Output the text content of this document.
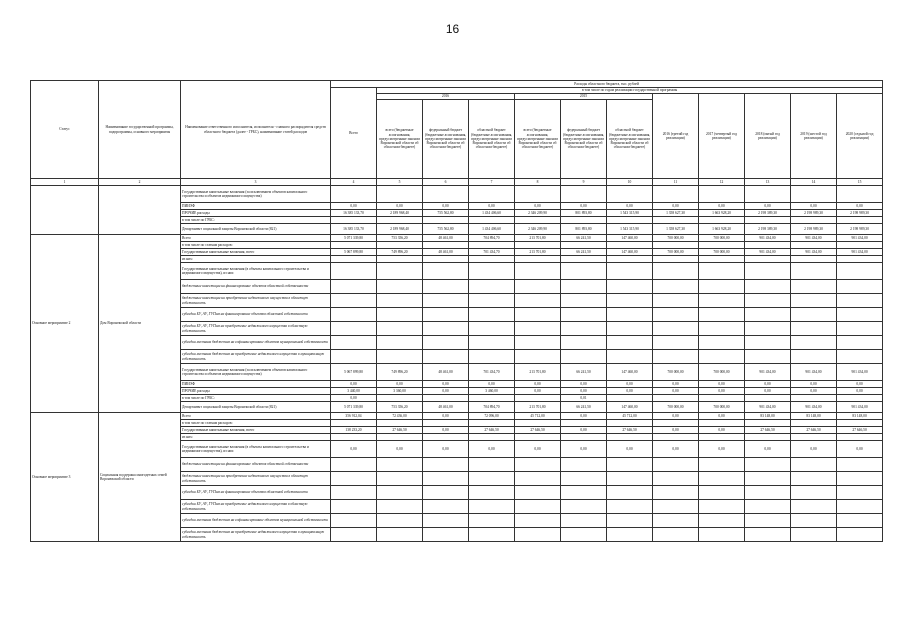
16
Статус	Наименование государственной программы, подпрограммы, основного мероприятия	Наименование ответственного исполнителя, исполнителя - главного распорядителя средств областного бюджета (далее - ГРБС), наименование статей расходов	Расходы областного бюджета, тыс. рублей											
			Всего	в том числе по годам реализации государственной программы										
				2016			2015			2016 (третий год реализации)	2017 (четвертый год реализации)	2018 (пятый год реализации)	2019 (шестой год реализации)	2020 (седьмой год реализации)
				всего (бюджетные ассигнования, предусмотренные законом Воронежской области об областном бюджете)	федеральный бюджет (бюджетные ассигнования, предусмотренные законом Воронежской области об областном бюджете)	областной бюджет (бюджетные ассигнования, предусмотренные законом Воронежской области об областном бюджете)	всего (бюджетные ассигнования, предусмотренные законом Воронежской области об областном бюджете)	федеральный бюджет (бюджетные ассигнования, предусмотренные законом Воронежской области об областном бюджете)	областной бюджет (бюджетные ассигнования, предусмотренные законом Воронежской области об областном бюджете)					
1	2	3	4	5	6	7	8	9	10	11	12	13	14	15
		Государственные капитальные вложения (за исключением объектов капитального строительства и объектов недвижимого имущества)												
		ПИИЭФ	0,00	0,00	0,00	0,00	0,00	0,00	0,00	0,00	0,00	0,00	0,00	0,00
		ПРОЧИЕ расходы	16 385 133,70	2 189 968,40	755 562,80	1 434 406,60	2 346 209,90	801 893,80	1 543 315,90	1 358 627,30	1 663 928,20	2 198 389,30	2 198 989,30	2 198 989,30
		в том числе по ГРБС:												
		Департамент социальной защиты Воронежской области (821)	16 385 133,70	2 189 968,40	755 562,80	1 434 406,60	2 346 209,90	801 893,80	1 543 315,90	1 358 627,30	1 663 928,20	2 198 389,30	2 198 989,30	2 198 989,30
Основное мероприятие 2	Дом Воронежской области	Всего	5 071 339,80	753 356,20	48 461,00	704 894,70	213 701,80	66 241,50	147 460,00	700 000,00	700 000,00	901 434,00	901 434,00	901 434,00
		в том числе по статьям расходов:												
		Государственные капитальные вложения, всего	5 067 899,80	749 896,20	48 461,00	701 434,70	213 701,80	66 241,50	147 460,00	700 000,00	700 000,00	901 434,00	901 434,00	901 434,00
		из них:												
		Государственные капитальные вложения (в объекты капитального строительства и недвижимого имущества), из них:												
		бюджетные инвестиции на финансирование объектов областной собственности												
		бюджетные инвестиции на приобретение недвижимого имущества в областную собственность												
		субсидии БУ, АУ, ГУПам на финансирование объектов областной собственности												
		субсидии БУ, АУ, ГУПам на приобретение недвижимого имущества в областную собственность												
		субсидии местным бюджетам на софинансирование объектов муниципальной собственности												
		субсидии местным бюджетам на приобретение недвижимого имущества в муниципальную собственность												
		Государственные капитальные вложения (за исключением объектов капитального строительства и объектов недвижимого имущества)	5 067 899,80	749 896,20	48 461,00	701 434,70	213 701,80	66 241,50	147 460,00	700 000,00	700 000,00	901 434,00	901 434,00	901 434,00
		ПИИЭФ	0,00	0,00	0,00	0,00	0,00	0,00	0,00	0,00	0,00	0,00	0,00	0,00
		ПРОЧИЕ расходы	3 440,00	3 360,00	0,00	3 460,00	0,00	0,00	0,00	0,00	0,00	0,00	0,00	0,00
		в том числе по ГРБС:	0,00					0,01						
		Департамент социальной защиты Воронежской области (821)	5 071 339,80	753 356,20	48 461,00	704 894,70	213 701,80	66 241,50	147 460,00	700 000,00	700 000,00	901 434,00	901 434,00	901 434,00
Основное мероприятие 3	Социальная поддержка многодетных семей Воронежской области	Всего	356 912,04	72 436,00	0,00	72 096,00	45 712,00	0,00	45 712,00	0,00	0,00	83 148,00	83 148,00	83 148,00
		в том числе по статьям расходов:												
		Государственные капитальные вложения, всего	138 233,20	27 646,50	0,00	27 646,50	27 646,50	0,00	27 646,50	0,00	0,00	27 646,50	27 646,50	27 646,50
		из них:												
		Государственные капитальные вложения (в объекты капитального строительства и недвижимого имущества), из них:	0,00	0,00	0,00	0,00	0,00	0,00	0,00	0,00	0,00	0,00	0,00	0,00
		бюджетные инвестиции на финансирование объектов областной собственности												
		бюджетные инвестиции на приобретение недвижимого имущества в областную собственность												
		субсидии БУ, АУ, ГУПам на финансирование объектов областной собственности												
		субсидии БУ, АУ, ГУПам на приобретение недвижимого имущества в областную собственность												
		субсидии местным бюджетам на софинансирование объектов муниципальной собственности												
		субсидии местным бюджетам на приобретение недвижимого имущества в муниципальную собственность												
